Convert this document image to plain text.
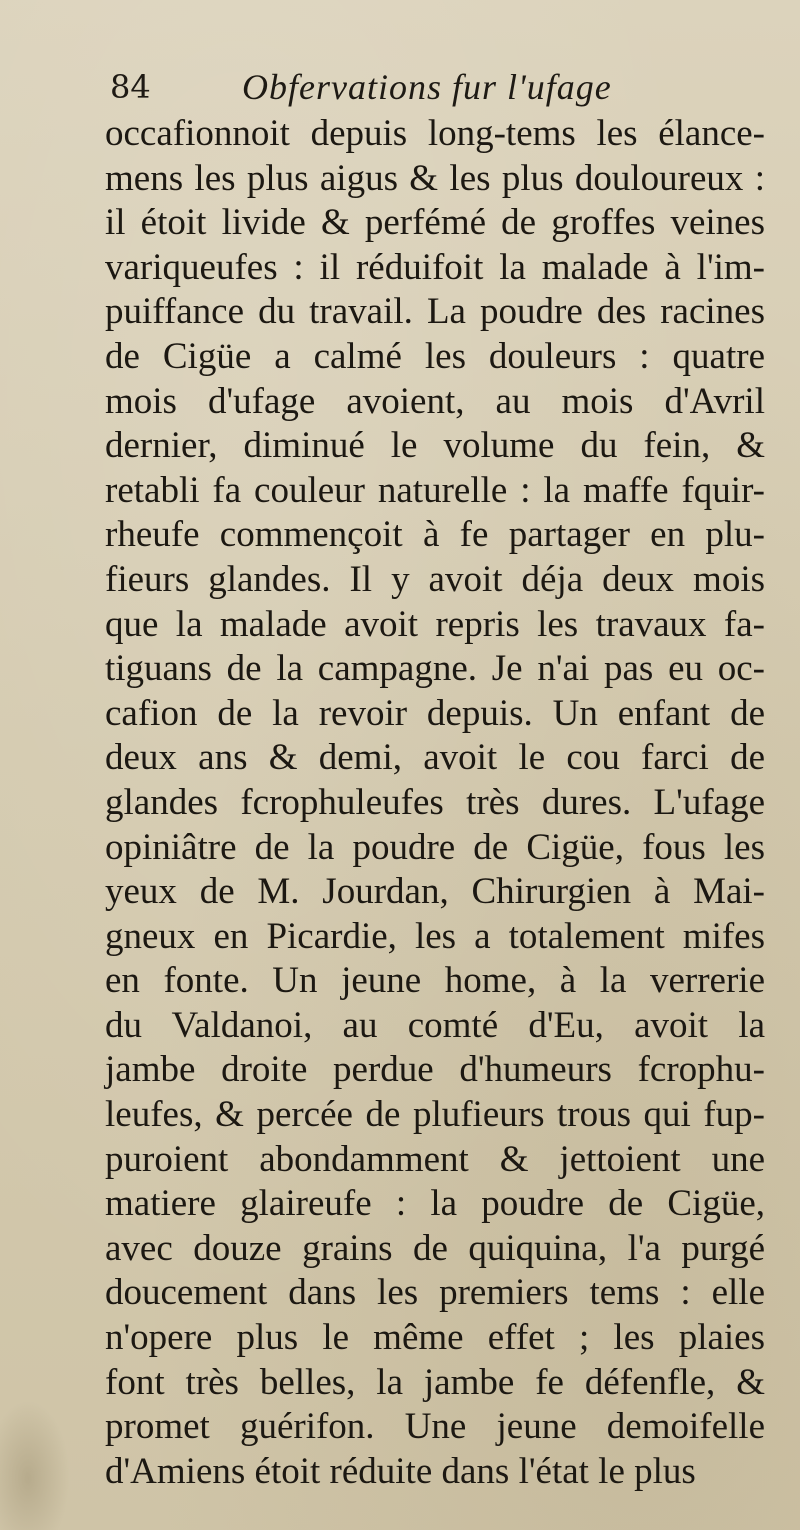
84	Obfervations fur l'ufage
occafionnoit depuis long-tems les élance-
mens les plus aigus & les plus douloureux :
il étoit livide & perfémé de groffes veines
variqueufes : il réduifoit la malade à l'im-
puiffance du travail. La poudre des racines
de Cigüe a calmé les douleurs : quatre
mois d'ufage avoient, au mois d'Avril
dernier, diminué le volume du fein, &
retabli fa couleur naturelle : la maffe fquir-
rheufe commençoit à fe partager en plu-
fieurs glandes. Il y avoit déja deux mois
que la malade avoit repris les travaux fa-
tiguans de la campagne. Je n'ai pas eu oc-
cafion de la revoir depuis. Un enfant de
deux ans & demi, avoit le cou farci de
glandes fcrophuleufes très dures. L'ufage
opiniâtre de la poudre de Cigüe, fous les
yeux de M. Jourdan, Chirurgien à Mai-
gneux en Picardie, les a totalement mifes
en fonte. Un jeune home, à la verrerie
du Valdanoi, au comté d'Eu, avoit la
jambe droite perdue d'humeurs fcrophu-
leufes, & percée de plufieurs trous qui fup-
puroient abondamment & jettoient une
matiere glaireufe : la poudre de Cigüe,
avec douze grains de quiquina, l'a purgé
doucement dans les premiers tems : elle
n'opere plus le même effet ; les plaies
font très belles, la jambe fe défenfle, &
promet guérifon. Une jeune demoifelle
d'Amiens étoit réduite dans l'état le plus
